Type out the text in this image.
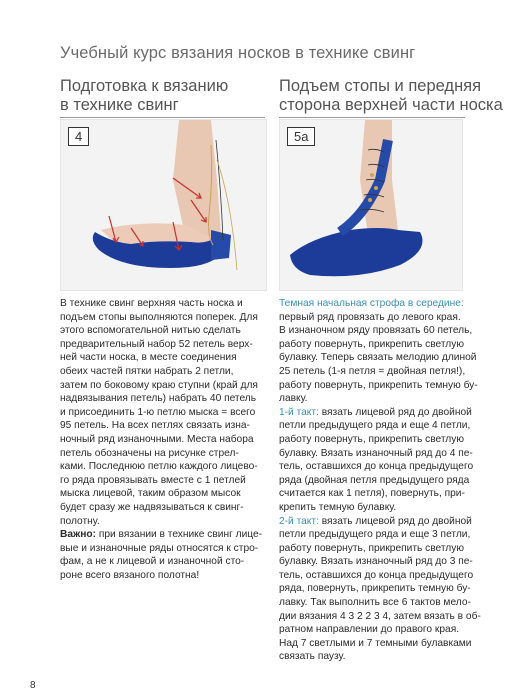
Учебный курс вязания носков в технике свинг
Подготовка к вязанию
в технике свинг
Подъем стопы и передняя
сторона верхней части носка
4	5а
В технике свинг верхняя часть носка и
подъем стопы выполняются поперек. Для
этого вспомогательной нитью сделать
предварительный набор 52 петель верх-
ней части носка, в месте соединения
обеих частей пятки набрать 2 петли,
затем по боковому краю ступни (край для
надвязывания петель) набрать 40 петель
и присоединить 1-ю петлю мыска = всего
95 петель. На всех петлях связать изна-
ночный ряд изнаночными. Места набора
петель обозначены на рисунке стрел-
ками. Последнюю петлю каждого лицево-
го ряда провязывать вместе с 1 петлей
мыска лицевой, таким образом мысок
будет сразу же надвязываться к свинг-
полотну.
Важно: при вязании в технике свинг лице-
вые и изнаночные ряды относятся к стро-
фам, а не к лицевой и изнаночной сто-
роне всего вязаного полотна!
Темная начальная строфа в середине:
первый ряд провязать до левого края.
В изнаночном ряду провязать 60 петель,
работу повернуть, прикрепить светлую
булавку. Теперь связать мелодию длиной
25 петель (1-я петля = двойная петля!),
работу повернуть, прикрепить темную бу-
лавку.
1-й такт: вязать лицевой ряд до двойной
петли предыдущего ряда и еще 4 петли,
работу повернуть, прикрепить светлую
булавку. Вязать изнаночный ряд до 4 пе-
тель, оставшихся до конца предыдущего
ряда (двойная петля предыдущего ряда
считается как 1 петля), повернуть, при-
крепить темную булавку.
2-й такт: вязать лицевой ряд до двойной
петли предыдущего ряда и еще 3 петли,
работу повернуть, прикрепить светлую
булавку. Вязать изнаночный ряд до 3 пе-
тель, оставшихся до конца предыдущего
ряда, повернуть, прикрепить темную бу-
лавку. Так выполнить все 6 тактов мело-
дии вязания 4 3 2 2 3 4, затем вязать в об-
ратном направлении до правого края.
Над 7 светлыми и 7 темными булавками
связать паузу.
8
